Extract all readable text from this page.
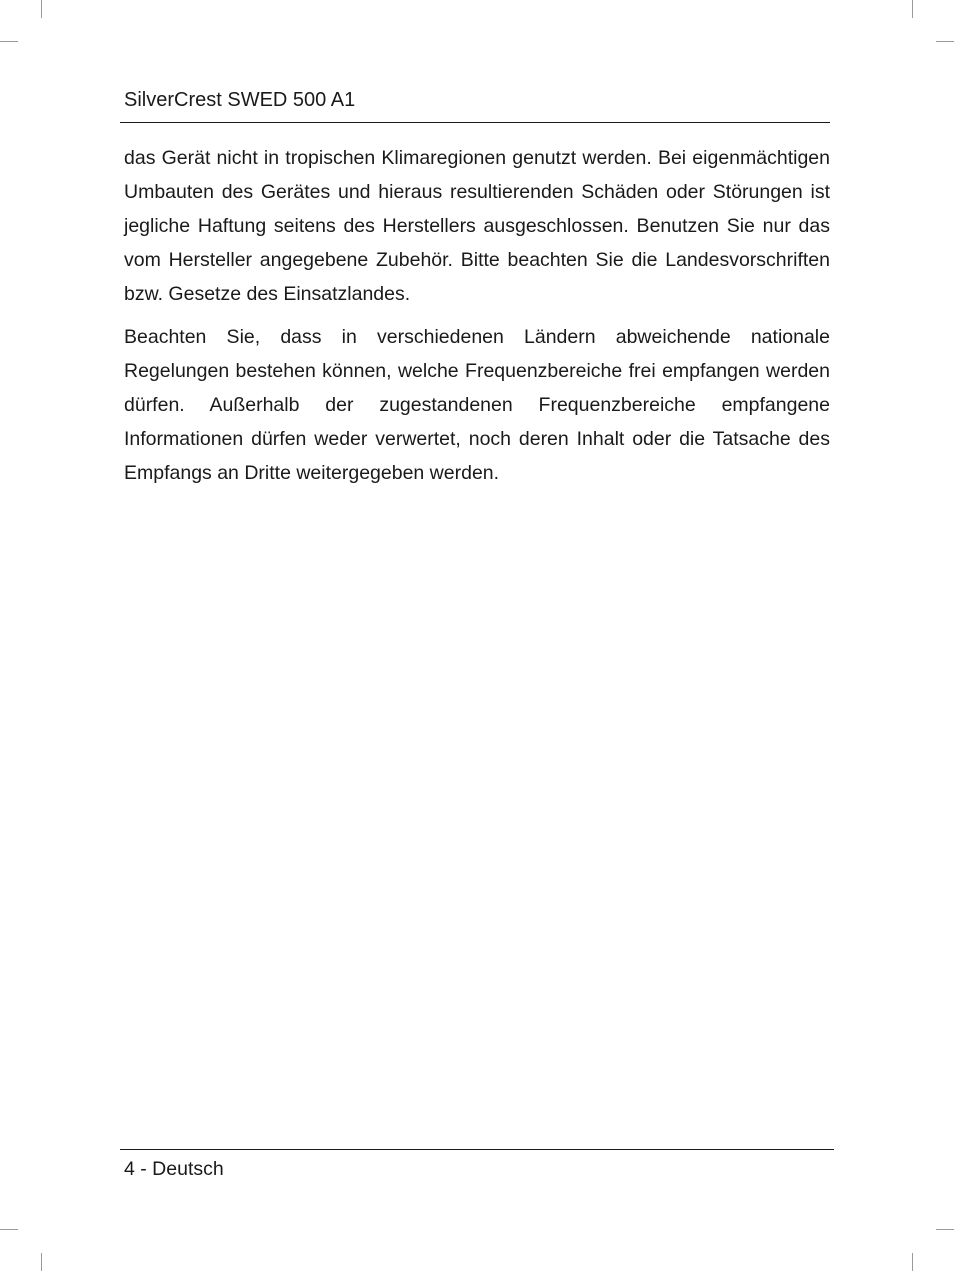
SilverCrest SWED 500 A1

das Gerät nicht in tropischen Klimaregionen genutzt werden. Bei eigenmächtigen Umbauten des Gerätes und hieraus resultierenden Schäden oder Störungen ist jegliche Haftung seitens des Herstellers ausgeschlossen. Benutzen Sie nur das vom Hersteller angegebene Zubehör. Bitte beachten Sie die Landesvorschriften bzw. Gesetze des Einsatzlandes.

Beachten Sie, dass in verschiedenen Ländern abweichende nationale Regelungen bestehen können, welche Frequenzbereiche frei empfangen werden dürfen. Außerhalb der zugestandenen Frequenzbereiche empfangene Informationen dürfen weder verwertet, noch deren Inhalt oder die Tatsache des Empfangs an Dritte weitergegeben werden.

4 - Deutsch
